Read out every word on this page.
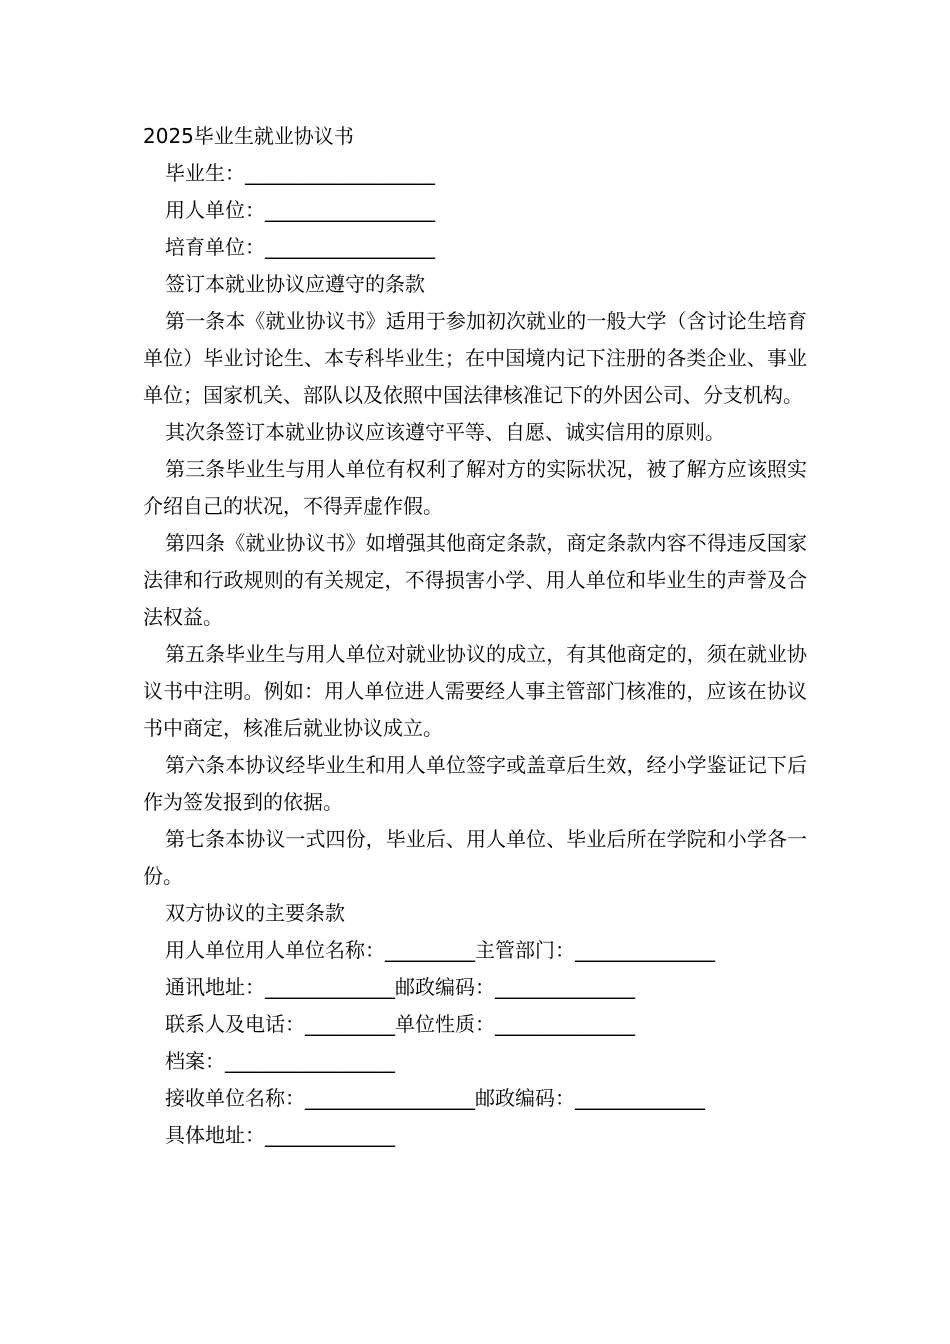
2025毕业生就业协议书
毕业生：___________________
用人单位：_________________
培育单位：_________________
签订本就业协议应遵守的条款

第一条本《就业协议书》适用于参加初次就业的一般大学（含讨论生培育单位）毕业讨论生、本专科毕业生；在中国境内记下注册的各类企业、事业单位；国家机关、部队以及依照中国法律核准记下的外因公司、分支机构。

其次条签订本就业协议应该遵守平等、自愿、诚实信用的原则。

第三条毕业生与用人单位有权利了解对方的实际状况，被了解方应该照实介绍自己的状况，不得弄虚作假。

第四条《就业协议书》如增强其他商定条款，商定条款内容不得违反国家法律和行政规则的有关规定，不得损害小学、用人单位和毕业生的声誉及合法权益。

第五条毕业生与用人单位对就业协议的成立，有其他商定的，须在就业协议书中注明。例如：用人单位进人需要经人事主管部门核准的，应该在协议书中商定，核准后就业协议成立。

第六条本协议经毕业生和用人单位签字或盖章后生效，经小学鉴证记下后作为签发报到的依据。

第七条本协议一式四份，毕业后、用人单位、毕业后所在学院和小学各一份。

双方协议的主要条款
用人单位用人单位名称：_________主管部门：______________
通讯地址：_____________邮政编码：______________
联系人及电话：_________单位性质：______________
档案：_________________
接收单位名称：_________________邮政编码：_____________
具体地址：_____________
